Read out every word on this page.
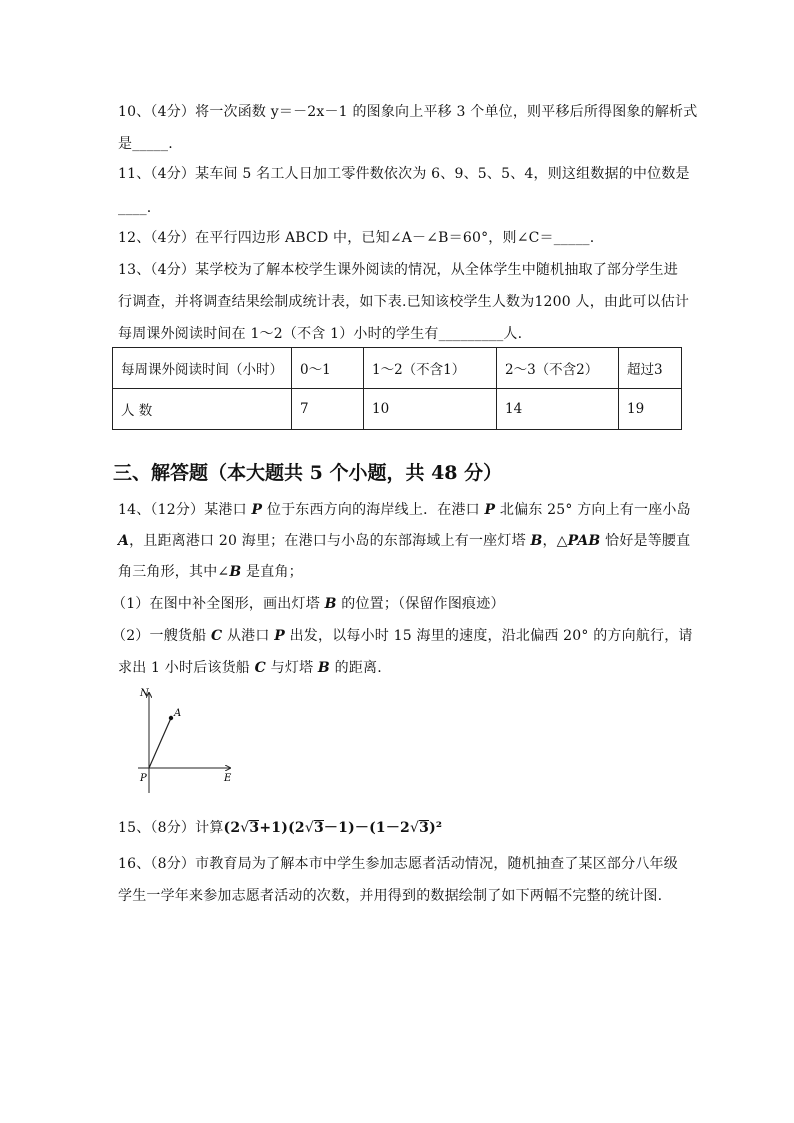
10、（4分）将一次函数 y＝－2x－1 的图象向上平移 3 个单位，则平移后所得图象的解析式
是_____.
11、（4分）某车间 5 名工人日加工零件数依次为 6、9、5、5、4，则这组数据的中位数是
____.
12、（4分）在平行四边形 ABCD 中，已知∠A－∠B＝60°，则∠C＝_____.
13、（4分）某学校为了解本校学生课外阅读的情况，从全体学生中随机抽取了部分学生进
行调查，并将调查结果绘制成统计表，如下表.已知该校学生人数为1200 人，由此可以估计
每周课外阅读时间在 1～2（不含 1）小时的学生有_________人.
每周课外阅读时间（小时）	0～1	1～2（不含1）	2～3（不含2）	超过3
人 数	7	10	14	19
三、解答题（本大题共 5 个小题，共 48 分）
14、（12分）某港口 P 位于东西方向的海岸线上．在港口 P 北偏东 25° 方向上有一座小岛
A，且距离港口 20 海里；在港口与小岛的东部海域上有一座灯塔 B，△PAB 恰好是等腰直
角三角形，其中∠B 是直角；
（1）在图中补全图形，画出灯塔 B 的位置；（保留作图痕迹）
（2）一艘货船 C 从港口 P 出发，以每小时 15 海里的速度，沿北偏西 20° 的方向航行，请
求出 1 小时后该货船 C 与灯塔 B 的距离.
N
A
P	E
15、（8分）计算(2√3+1)(2√3－1)－(1－2√3)²
16、（8分）市教育局为了解本市中学生参加志愿者活动情况，随机抽查了某区部分八年级
学生一学年来参加志愿者活动的次数，并用得到的数据绘制了如下两幅不完整的统计图.
